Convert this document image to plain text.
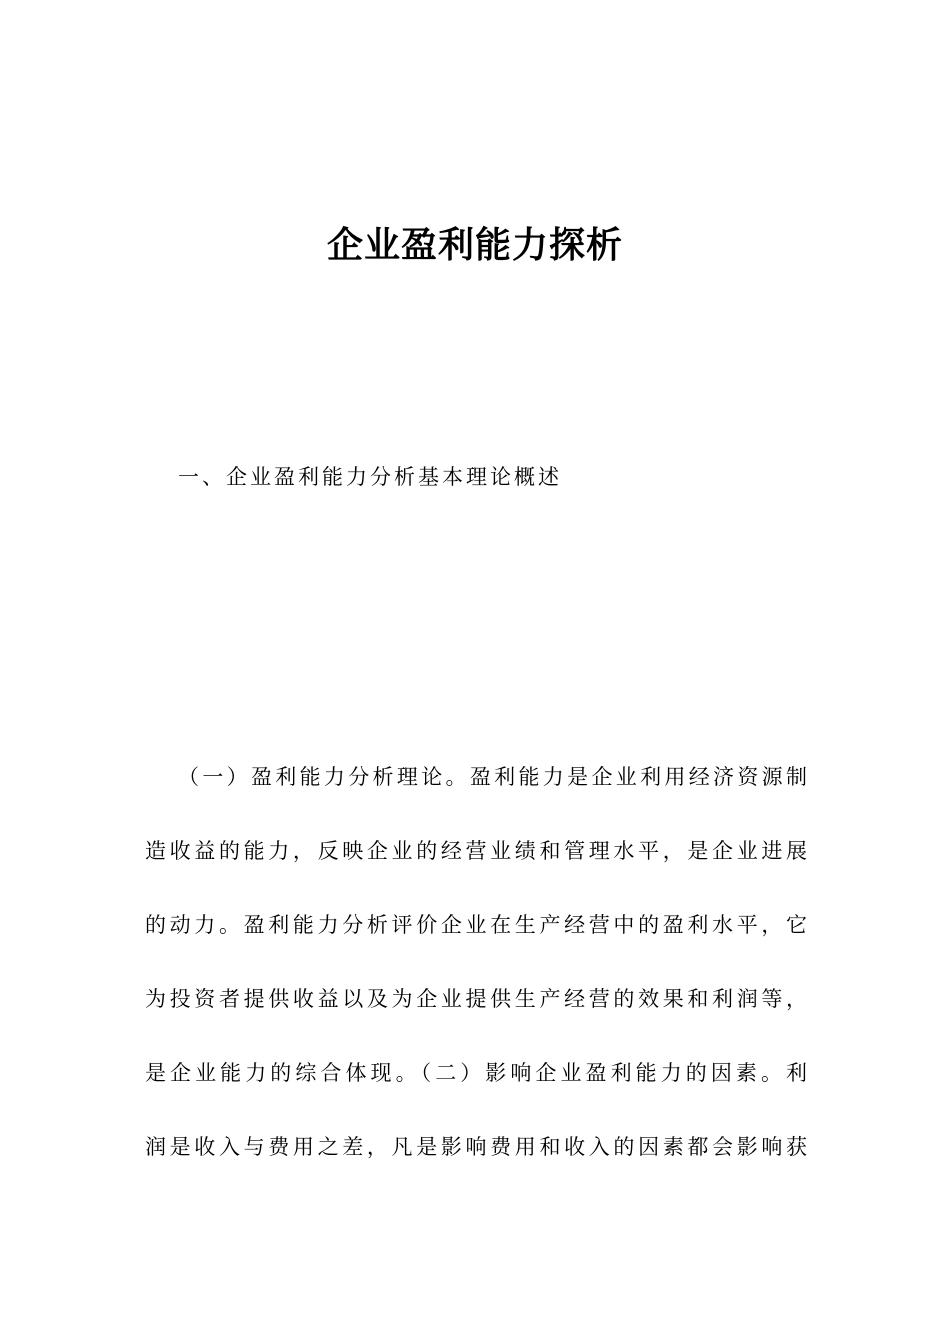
企业盈利能力探析
一、企业盈利能力分析基本理论概述
（一）盈利能力分析理论。盈利能力是企业利用经济资源制
造收益的能力，反映企业的经营业绩和管理水平，是企业进展
的动力。盈利能力分析评价企业在生产经营中的盈利水平，它
为投资者提供收益以及为企业提供生产经营的效果和利润等，
是企业能力的综合体现。（二）影响企业盈利能力的因素。利
润是收入与费用之差，凡是影响费用和收入的因素都会影响获
